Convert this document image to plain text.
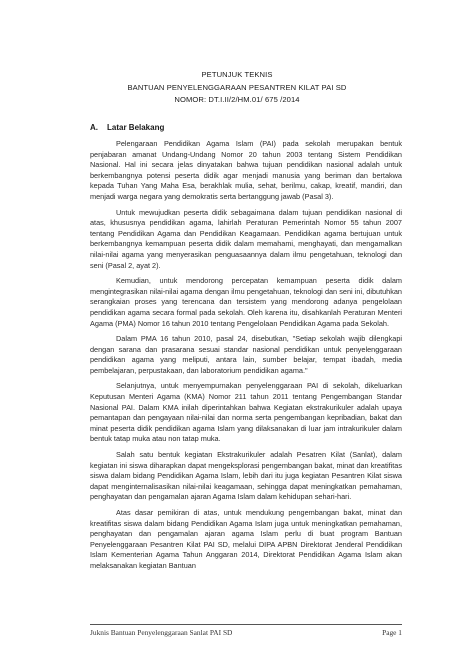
PETUNJUK TEKNIS
BANTUAN PENYELENGGARAAN PESANTREN KILAT PAI SD
NOMOR: DT.I.II/2/HM.01/ 675 /2014
A.	Latar Belakang

Pelengaraan Pendidikan Agama Islam (PAI) pada sekolah merupakan bentuk penjabaran amanat Undang-Undang Nomor 20 tahun 2003 tentang Sistem Pendidikan Nasional. Hal ini secara jelas dinyatakan bahwa tujuan pendidikan nasional adalah untuk berkembangnya potensi peserta didik agar menjadi manusia yang beriman dan bertakwa kepada Tuhan Yang Maha Esa, berakhlak mulia, sehat, berilmu, cakap, kreatif, mandiri, dan menjadi warga negara yang demokratis serta bertanggung jawab (Pasal 3).

Untuk mewujudkan peserta didik sebagaimana dalam tujuan pendidikan nasional di atas, khususnya pendidikan agama, lahirlah Peraturan Pemerintah Nomor 55 tahun 2007 tentang Pendidikan Agama dan Pendidikan Keagamaan. Pendidikan agama bertujuan untuk berkembangnya kemampuan peserta didik dalam memahami, menghayati, dan mengamalkan nilai-nilai agama yang menyerasikan penguasaannya dalam ilmu pengetahuan, teknologi dan seni (Pasal 2, ayat 2).

Kemudian, untuk mendorong percepatan kemampuan peserta didik dalam mengintegrasikan nilai-nilai agama dengan ilmu pengetahuan, teknologi dan seni ini, dibutuhkan serangkaian proses yang terencana dan tersistem yang mendorong adanya pengelolaan pendidikan agama secara formal pada sekolah. Oleh karena itu, disahkanlah Peraturan Menteri Agama (PMA) Nomor 16 tahun 2010 tentang Pengelolaan Pendidikan Agama pada Sekolah.

Dalam PMA 16 tahun 2010, pasal 24, disebutkan, "Setiap sekolah wajib dilengkapi dengan sarana dan prasarana sesuai standar nasional pendidikan untuk penyelenggaraan pendidikan agama yang meliputi, antara lain, sumber belajar, tempat ibadah, media pembelajaran, perpustakaan, dan laboratorium pendidikan agama."

Selanjutnya, untuk menyempurnakan penyelenggaraan PAI di sekolah, dikeluarkan Keputusan Menteri Agama (KMA) Nomor 211 tahun 2011 tentang Pengembangan Standar Nasional PAI. Dalam KMA inilah diperintahkan bahwa Kegiatan ekstrakurikuler adalah upaya pemantapan dan pengayaan nilai-nilai dan norma serta pengembangan kepribadian, bakat dan minat peserta didik pendidikan agama Islam yang dilaksanakan di luar jam intrakurikuler dalam bentuk tatap muka atau non tatap muka.

Salah satu bentuk kegiatan Ekstrakurikuler adalah Pesatren Kilat (Sanlat), dalam kegiatan ini siswa diharapkan dapat mengeksplorasi pengembangan bakat, minat dan kreatifitas siswa dalam bidang Pendidikan Agama Islam, lebih dari itu juga kegiatan Pesantren Kilat siswa dapat menginternalisasikan nilai-nilai keagamaan, sehingga dapat meningkatkan pemahaman, penghayatan dan pengamalan ajaran Agama Islam dalam kehidupan sehari-hari.

Atas dasar pemikiran di atas, untuk mendukung pengembangan bakat, minat dan kreatifitas siswa dalam bidang Pendidikan Agama Islam juga untuk meningkatkan pemahaman, penghayatan dan pengamalan ajaran agama Islam perlu di buat program Bantuan Penyelenggaraan Pesantren Kilat PAI SD, melalui DIPA APBN Direktorat Jenderal Pendidikan Islam Kementerian Agama Tahun Anggaran 2014, Direktorat Pendidikan Agama Islam akan melaksanakan kegiatan Bantuan

Juknis Bantuan Penyelenggaraan Sanlat PAI SD	Page 1
